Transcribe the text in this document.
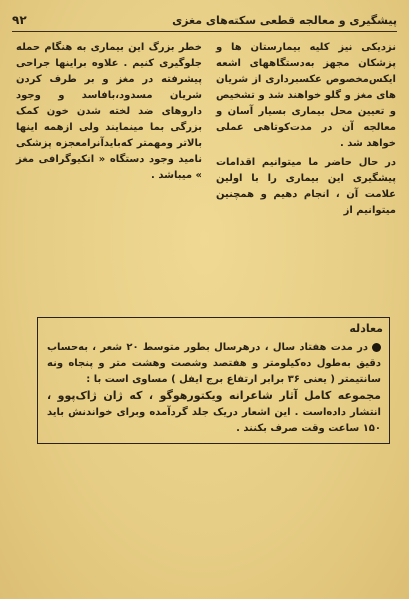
پیشگیری و معالجه قطعی سکته‌های مغزی
۹۲

نزدیکی نیز کلیه بیمارستان ها و پزشکان مجهز به‌دستگاههای اشعه ایکس‌مخصوص عکسبرداری از شریان های مغز و گلو خواهند شد و تشخیص و تعیین محل بیماری بسیار آسان و معالجه آن در مدت‌کوتاهی عملی خواهد شد .

در حال حاضر ما میتوانیم اقدامات پیشگیری این بیماری را با اولین علامت آن ، انجام دهیم و همچنین میتوانیم از

خطر بزرگ این بیماری به هنگام حمله جلوگیری کنیم . علاوه براینها جراحی پیشرفته در مغز و بر طرف کردن شریان مسدود،بافاسد و وجود داروهای ضد لخته شدن خون کمک بزرگی بما مینمایند ولی ازهمه اینها بالاتر ومهمتر که‌بایدآنرامعجزه پزشکی نامید وجود دستگاه « انکیوگرافی مغز » میباشد .

معادله

در مدت هفتاد سال ، درهرسال بطور متوسط ۲۰ شعر ، به‌حساب دقیق به‌طول ده‌کیلومتر و هفتصد وشصت وهشت متر و پنجاه ونه سانتیمتر ( یعنی ۳۶ برابر ارتفاع برج ایفل ) مساوی است با :

مجموعه کامل آثار شاعرانه ویکتورهوگو ، که ژان ژاک‌پوو ، انتشار داده‌است . این اشعار دریک جلد گردآمده وبرای خواندنش باید ۱۵۰ ساعت وقت صرف بکنند .
